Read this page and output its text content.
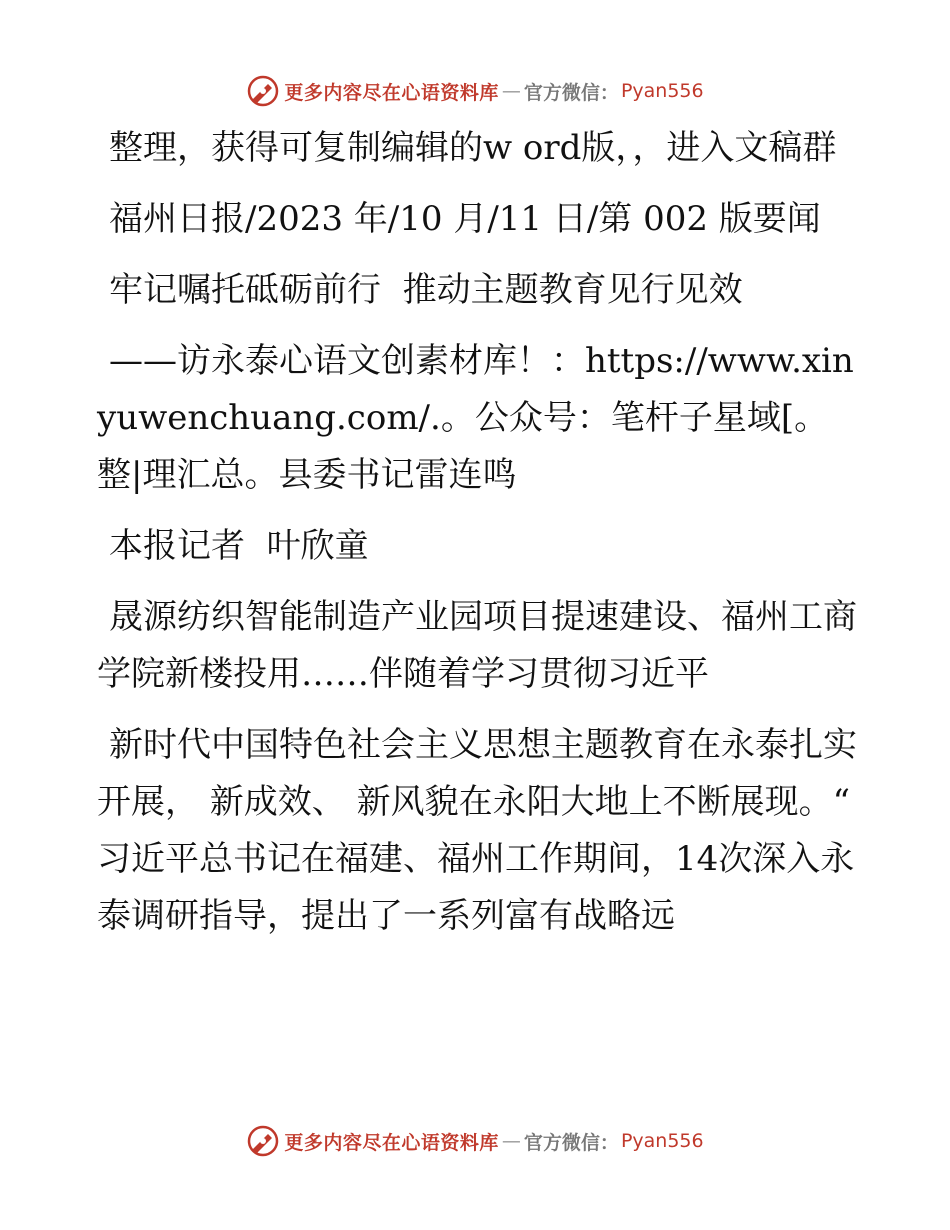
更多内容尽在心语资料库 — 官方微信： Pyan556

整理，获得可复制编辑的w ord版，，进入文稿群

福州日报/2023 年/10 月/11 日/第 002 版要闻

牢记嘱托砥砺前行  推动主题教育见行见效

——访永泰心语文创素材库！：https://www.xinyuwenchuang.com/.。公众号：笔杆子星域[。整|理汇总。县委书记雷连鸣

本报记者  叶欣童

晟源纺织智能制造产业园项目提速建设、福州工商学院新楼投用……伴随着学习贯彻习近平

新时代中国特色社会主义思想主题教育在永泰扎实开展， 新成效、 新风貌在永阳大地上不断展现。“ 习近平总书记在福建、福州工作期间，14次深入永泰调研指导，提出了一系列富有战略远

更多内容尽在心语资料库 — 官方微信： Pyan556
